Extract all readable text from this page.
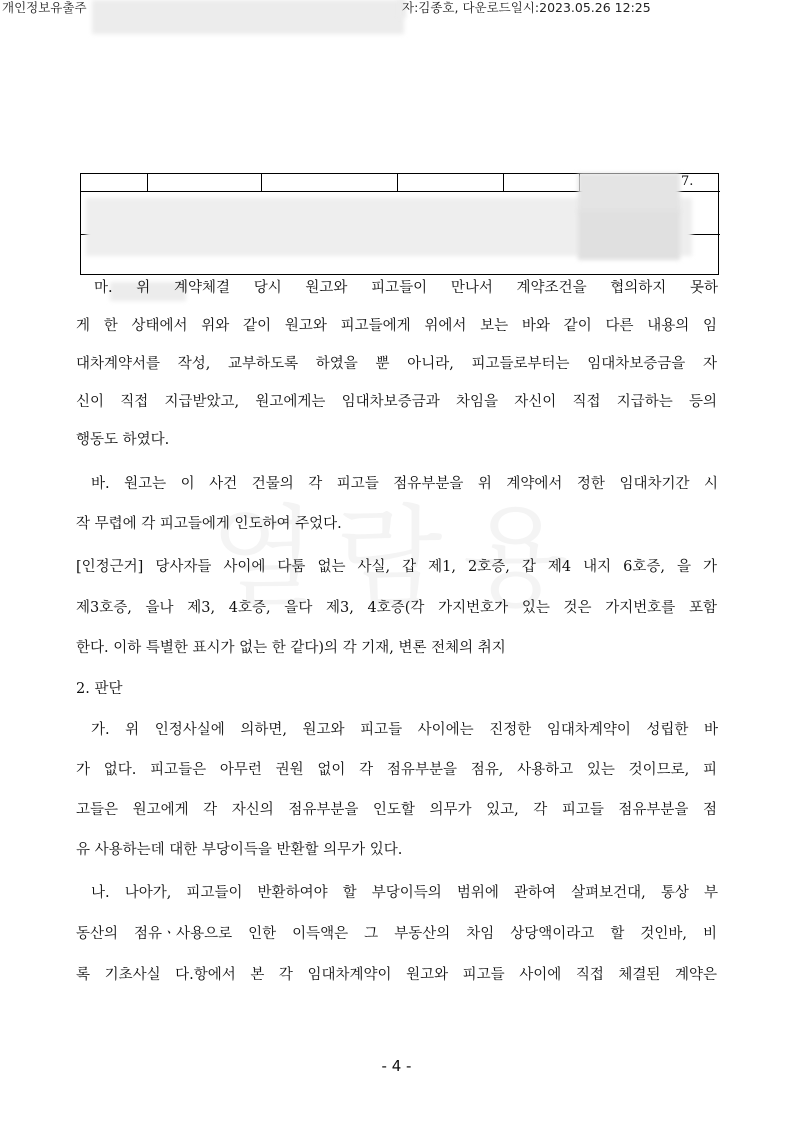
개인정보유출주	자:김종호, 다운로드일시:2023.05.26 12:25
7.
마. 위 계약체결 당시 원고와 피고들이 만나서 계약조건을 협의하지 못하
게 한 상태에서 위와 같이 원고와 피고들에게 위에서 보는 바와 같이 다른 내용의 임
대차계약서를 작성, 교부하도록 하였을 뿐 아니라, 피고들로부터는 임대차보증금을 자
신이 직접 지급받았고, 원고에게는 임대차보증금과 차임을 자신이 직접 지급하는 등의
행동도 하였다.
바. 원고는 이 사건 건물의 각 피고들 점유부분을 위 계약에서 정한 임대차기간 시
작 무렵에 각 피고들에게 인도하여 주었다.
[인정근거] 당사자들 사이에 다툼 없는 사실, 갑 제1, 2호증, 갑 제4 내지 6호증, 을 가
제3호증, 을나 제3, 4호증, 을다 제3, 4호증(각 가지번호가 있는 것은 가지번호를 포함
한다. 이하 특별한 표시가 없는 한 같다)의 각 기재, 변론 전체의 취지
2. 판단
가. 위 인정사실에 의하면, 원고와 피고들 사이에는 진정한 임대차계약이 성립한 바
가 없다. 피고들은 아무런 권원 없이 각 점유부분을 점유, 사용하고 있는 것이므로, 피
고들은 원고에게 각 자신의 점유부분을 인도할 의무가 있고, 각 피고들 점유부분을 점
유 사용하는데 대한 부당이득을 반환할 의무가 있다.
나. 나아가, 피고들이 반환하여야 할 부당이득의 범위에 관하여 살펴보건대, 통상 부
동산의 점유ㆍ사용으로 인한 이득액은 그 부동산의 차임 상당액이라고 할 것인바, 비
록 기초사실 다.항에서 본 각 임대차계약이 원고와 피고들 사이에 직접 체결된 계약은
- 4 -
